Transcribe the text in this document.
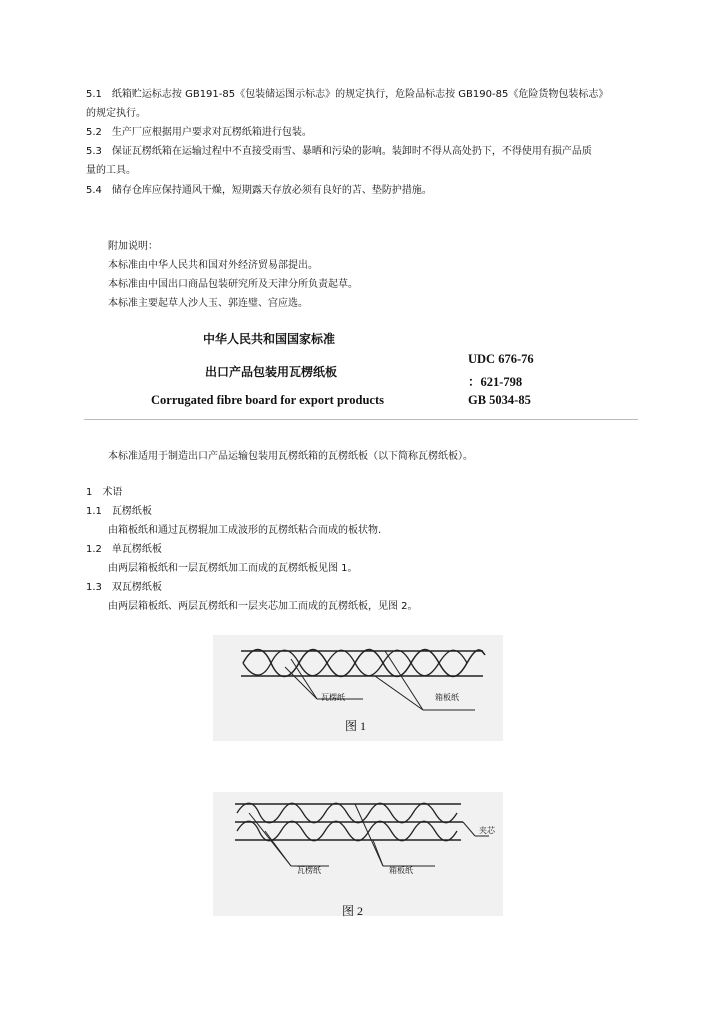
5.1　纸箱贮运标志按 GB191-85《包装储运图示标志》的规定执行，危险品标志按 GB190-85《危险货物包装标志》
的规定执行。
5.2　生产厂应根据用户要求对瓦楞纸箱进行包装。
5.3　保证瓦楞纸箱在运输过程中不直接受雨雪、暴晒和污染的影响。装卸时不得从高处扔下，不得使用有损产品质
量的工具。
5.4　储存仓库应保持通风干燥，短期露天存放必须有良好的苫、垫防护措施。
附加说明：
本标准由中华人民共和国对外经济贸易部提出。
本标准由中国出口商品包装研究所及天津分所负责起草。
本标准主要起草人沙人玉、郭连璧、宫应选。
中华人民共和国国家标准
出口产品包装用瓦楞纸板
Corrugated fibre board for export products
UDC 676-76
：621-798
GB 5034-85
本标准适用于制造出口产品运输包装用瓦楞纸箱的瓦楞纸板（以下简称瓦楞纸板）。
1　术语
1.1　瓦楞纸板
由箱板纸和通过瓦楞辊加工成波形的瓦楞纸粘合而成的板状物.
1.2　单瓦楞纸板
由两层箱板纸和一层瓦楞纸加工而成的瓦楞纸板见图 1。
1.3　双瓦楞纸板
由两层箱板纸、两层瓦楞纸和一层夹芯加工而成的瓦楞纸板，见图 2。
瓦楞纸	箱板纸
图 1
夹芯
瓦楞纸	箱板纸
图 2
